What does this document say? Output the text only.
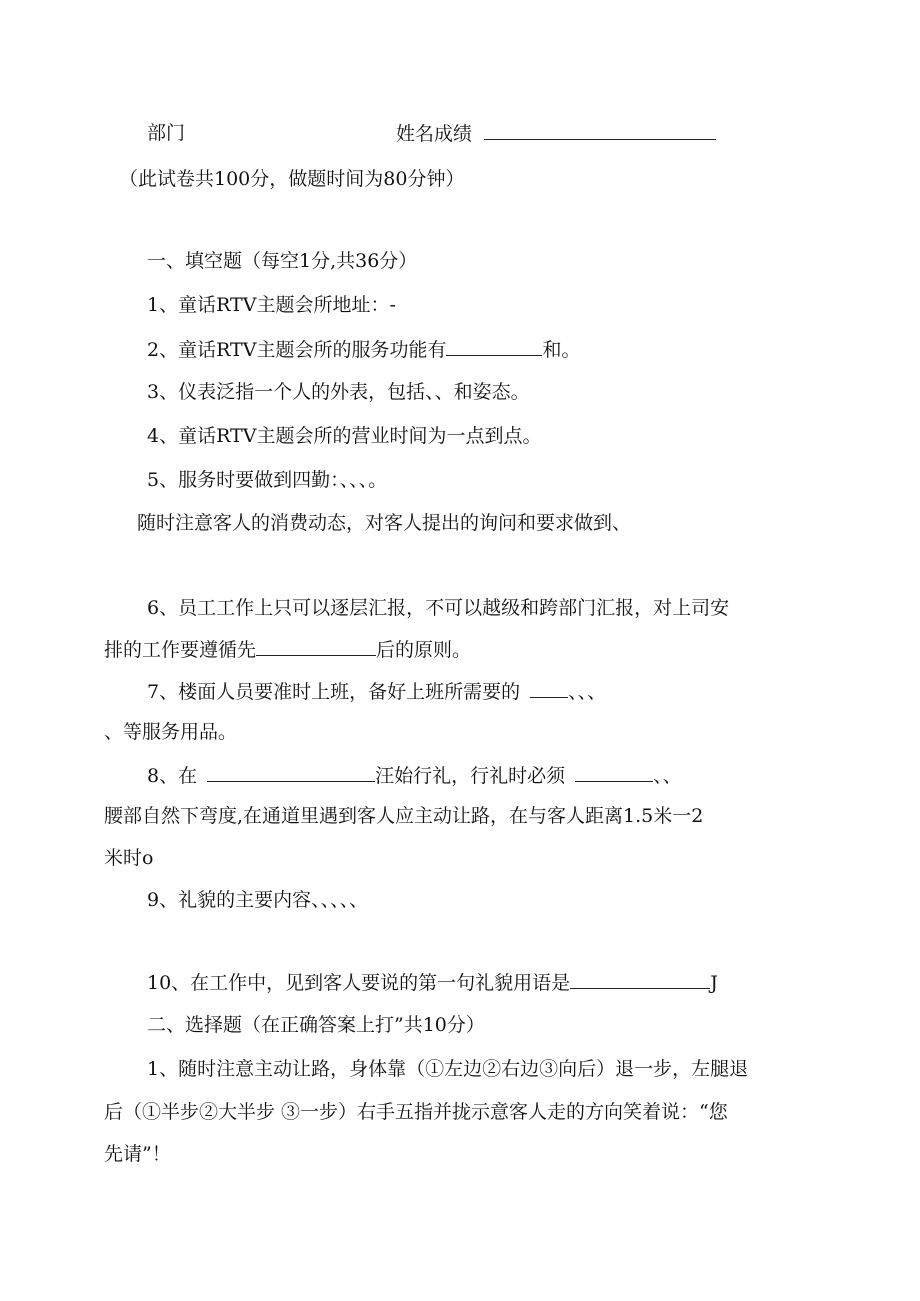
部门	姓名成绩
（此试卷共100分，做题时间为80分钟）
一、填空题（每空1分,共36分）
1、童话RTV主题会所地址：-
2、童话RTV主题会所的服务功能有	和。
3、仪表泛指一个人的外表，包括、、和姿态。
4、童话RTV主题会所的营业时间为一点到点。
5、服务时要做到四勤：、、、。
随时注意客人的消费动态，对客人提出的询问和要求做到、
6、员工工作上只可以逐层汇报，不可以越级和跨部门汇报，对上司安
排的工作要遵循先	后的原则。
7、楼面人员要准时上班，备好上班所需要的	、、、
、等服务用品。
8、在	汪始行礼，行礼时必须	、、
腰部自然下弯度,在通道里遇到客人应主动让路，在与客人距离1.5米一2
米时o
9、礼貌的主要内容、、、、、
10、在工作中，见到客人要说的第一句礼貌用语是	J
二、选择题（在正确答案上打”共10分）
1、随时注意主动让路，身体靠（①左边②右边③向后）退一步，左腿退
后（①半步②大半步 ③一步）右手五指并拢示意客人走的方向笑着说：“您
先请”！
